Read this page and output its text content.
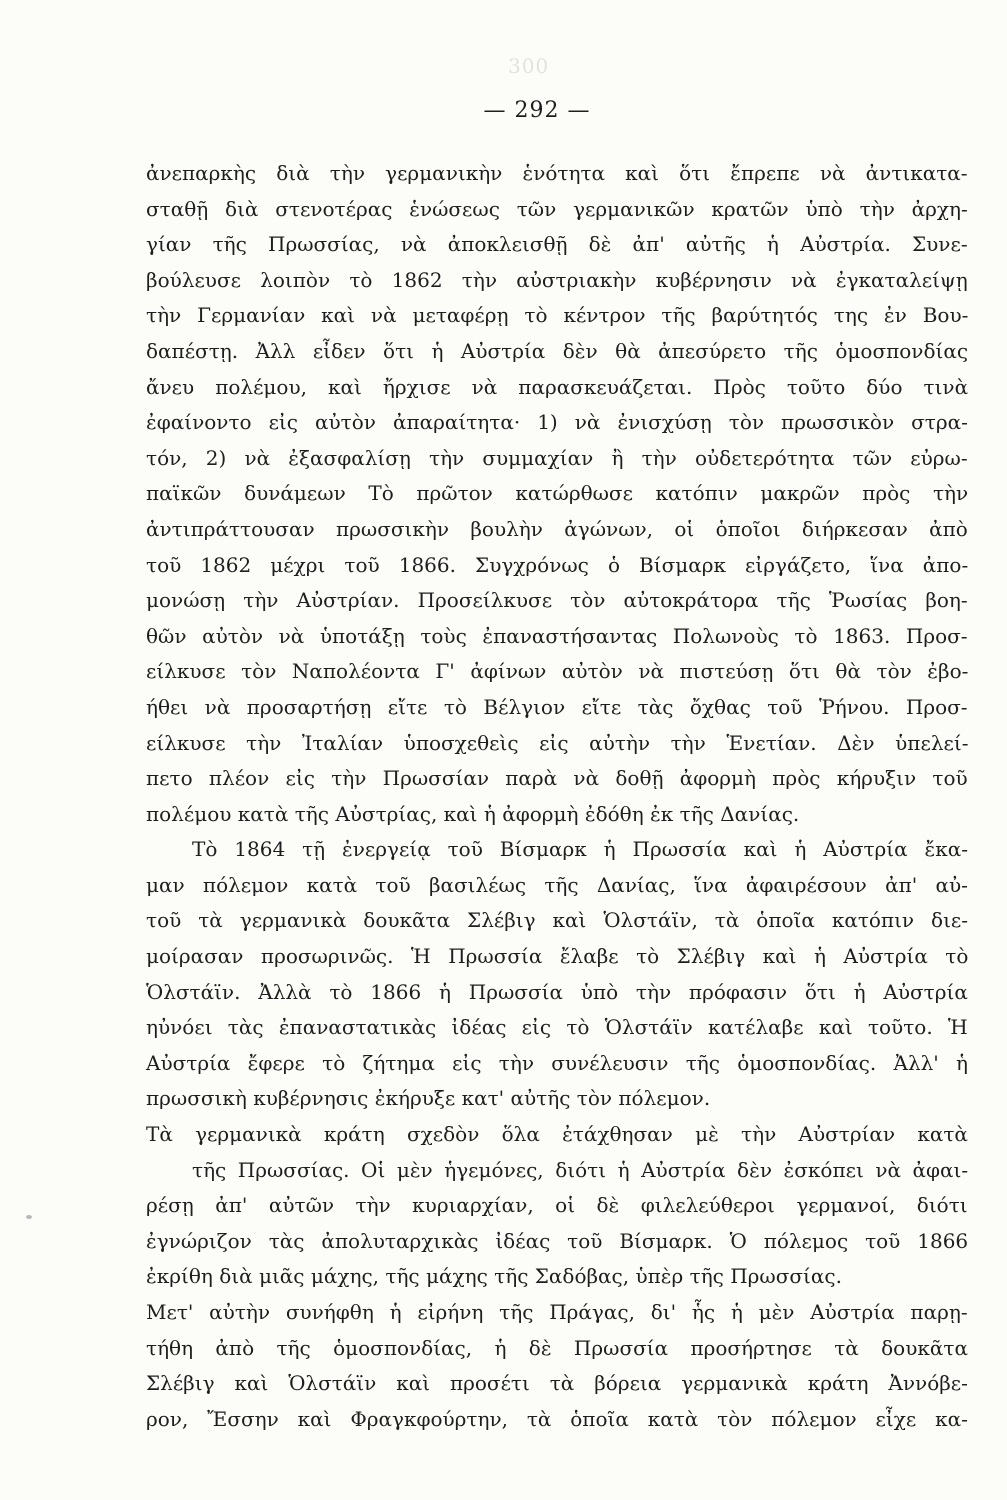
300
— 292 —
ἀνεπαρκὴς διὰ τὴν γερμανικὴν ἑνότητα καὶ ὅτι ἔπρεπε νὰ ἀντικατα-
σταθῇ διὰ στενοτέρας ἑνώσεως τῶν γερμανικῶν κρατῶν ὑπὸ τὴν ἀρχη-
γίαν τῆς Πρωσσίας, νὰ ἀποκλεισθῇ δὲ ἀπ' αὐτῆς ἡ Αὐστρία. Συνε-
βούλευσε λοιπὸν τὸ 1862 τὴν αὐστριακὴν κυβέρνησιν νὰ ἐγκαταλείψῃ
τὴν Γερμανίαν καὶ νὰ μεταφέρῃ τὸ κέντρον τῆς βαρύτητός της ἐν Βου-
δαπέστῃ. Ἀλλ εἶδεν ὅτι ἡ Αὐστρία δὲν θὰ ἀπεσύρετο τῆς ὁμοσπονδίας
ἄνευ πολέμου, καὶ ἤρχισε νὰ παρασκευάζεται. Πρὸς τοῦτο δύο τινὰ
ἐφαίνοντο εἰς αὐτὸν ἀπαραίτητα· 1) νὰ ἐνισχύσῃ τὸν πρωσσικὸν στρα-
τόν, 2) νὰ ἐξασφαλίσῃ τὴν συμμαχίαν ἢ τὴν οὐδετερότητα τῶν εὐρω-
παϊκῶν δυνάμεων Τὸ πρῶτον κατώρθωσε κατόπιν μακρῶν πρὸς τὴν
ἀντιπράττουσαν πρωσσικὴν βουλὴν ἀγώνων, οἱ ὁποῖοι διήρκεσαν ἀπὸ
τοῦ 1862 μέχρι τοῦ 1866. Συγχρόνως ὁ Βίσμαρκ εἰργάζετο, ἵνα ἀπο-
μονώσῃ τὴν Αὐστρίαν. Προσείλκυσε τὸν αὐτοκράτορα τῆς Ῥωσίας βοη-
θῶν αὐτὸν νὰ ὑποτάξῃ τοὺς ἐπαναστήσαντας Πολωνοὺς τὸ 1863. Προσ-
είλκυσε τὸν Ναπολέοντα Γ' ἀφίνων αὐτὸν νὰ πιστεύσῃ ὅτι θὰ τὸν ἐβο-
ήθει νὰ προσαρτήσῃ εἴτε τὸ Βέλγιον εἴτε τὰς ὄχθας τοῦ Ῥήνου. Προσ-
είλκυσε τὴν Ἰταλίαν ὑποσχεθεὶς εἰς αὐτὴν τὴν Ἑνετίαν. Δὲν ὑπελεί-
πετο πλέον εἰς τὴν Πρωσσίαν παρὰ νὰ δοθῇ ἀφορμὴ πρὸς κήρυξιν τοῦ
πολέμου κατὰ τῆς Αὐστρίας, καὶ ἡ ἀφορμὴ ἐδόθη ἐκ τῆς Δανίας.
Τὸ 1864 τῇ ἐνεργείᾳ τοῦ Βίσμαρκ ἡ Πρωσσία καὶ ἡ Αὐστρία ἔκα-
μαν πόλεμον κατὰ τοῦ βασιλέως τῆς Δανίας, ἵνα ἀφαιρέσουν ἀπ' αὐ-
τοῦ τὰ γερμανικὰ δουκᾶτα Σλέβιγ καὶ Ὁλστάϊν, τὰ ὁποῖα κατόπιν διε-
μοίρασαν προσωρινῶς. Ἡ Πρωσσία ἔλαβε τὸ Σλέβιγ καὶ ἡ Αὐστρία τὸ
Ὁλστάϊν. Ἀλλὰ τὸ 1866 ἡ Πρωσσία ὑπὸ τὴν πρόφασιν ὅτι ἡ Αὐστρία
ηὐνόει τὰς ἐπαναστατικὰς ἰδέας εἰς τὸ Ὁλστάϊν κατέλαβε καὶ τοῦτο. Ἡ
Αὐστρία ἔφερε τὸ ζήτημα εἰς τὴν συνέλευσιν τῆς ὁμοσπονδίας. Ἀλλ' ἡ
πρωσσικὴ κυβέρνησις ἐκήρυξε κατ' αὐτῆς τὸν πόλεμον.
Τὰ γερμανικὰ κράτη σχεδὸν ὅλα ἐτάχθησαν μὲ τὴν Αὐστρίαν κατὰ
τῆς Πρωσσίας. Οἱ μὲν ἡγεμόνες, διότι ἡ Αὐστρία δὲν ἐσκόπει νὰ ἀφαι-
ρέσῃ ἀπ' αὐτῶν τὴν κυριαρχίαν, οἱ δὲ φιλελεύθεροι γερμανοί, διότι
ἐγνώριζον τὰς ἀπολυταρχικὰς ἰδέας τοῦ Βίσμαρκ. Ὁ πόλεμος τοῦ 1866
ἐκρίθη διὰ μιᾶς μάχης, τῆς μάχης τῆς Σαδόβας, ὑπὲρ τῆς Πρωσσίας.
Μετ' αὐτὴν συνήφθη ἡ εἰρήνη τῆς Πράγας, δι' ἧς ἡ μὲν Αὐστρία παρῃ-
τήθη ἀπὸ τῆς ὁμοσπονδίας, ἡ δὲ Πρωσσία προσήρτησε τὰ δουκᾶτα
Σλέβιγ καὶ Ὁλστάϊν καὶ προσέτι τὰ βόρεια γερμανικὰ κράτη Ἀννόβε-
ρον, Ἔσσην καὶ Φραγκφούρτην, τὰ ὁποῖα κατὰ τὸν πόλεμον εἶχε κα-
